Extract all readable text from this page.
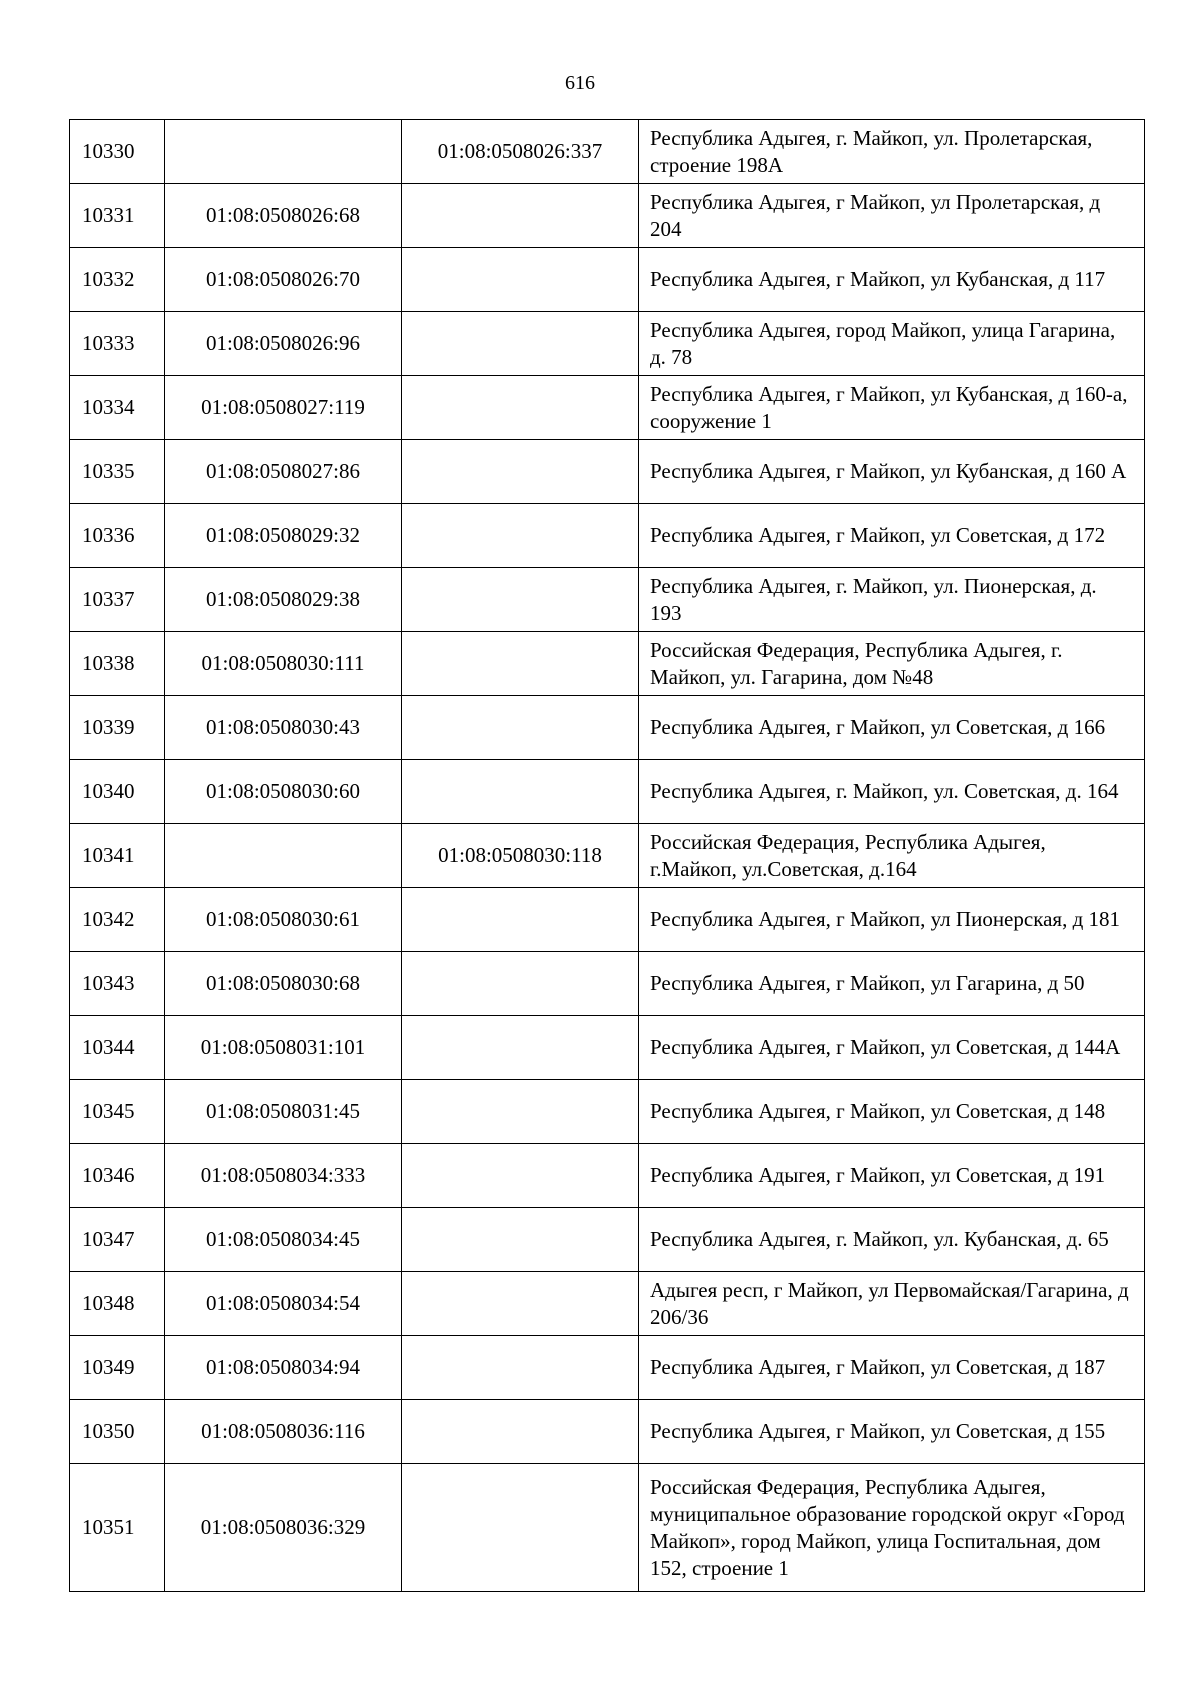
616
10330		01:08:0508026:337	Республика Адыгея, г. Майкоп, ул. Пролетарская, строение 198А
10331	01:08:0508026:68		Республика Адыгея, г Майкоп, ул Пролетарская, д 204
10332	01:08:0508026:70		Республика Адыгея, г Майкоп, ул Кубанская, д 117
10333	01:08:0508026:96		Республика Адыгея, город Майкоп, улица Гагарина, д. 78
10334	01:08:0508027:119		Республика Адыгея, г Майкоп, ул Кубанская, д 160-а, сооружение 1
10335	01:08:0508027:86		Республика Адыгея, г Майкоп, ул Кубанская, д 160 А
10336	01:08:0508029:32		Республика Адыгея, г Майкоп, ул Советская, д 172
10337	01:08:0508029:38		Республика Адыгея, г. Майкоп, ул. Пионерская, д. 193
10338	01:08:0508030:111		Российская Федерация, Республика Адыгея, г. Майкоп, ул. Гагарина, дом №48
10339	01:08:0508030:43		Республика Адыгея, г Майкоп, ул Советская, д 166
10340	01:08:0508030:60		Республика Адыгея, г. Майкоп, ул. Советская, д. 164
10341		01:08:0508030:118	Российская Федерация, Республика Адыгея, г.Майкоп, ул.Советская, д.164
10342	01:08:0508030:61		Республика Адыгея, г Майкоп, ул Пионерская, д 181
10343	01:08:0508030:68		Республика Адыгея, г Майкоп, ул Гагарина, д 50
10344	01:08:0508031:101		Республика Адыгея, г Майкоп, ул Советская, д 144А
10345	01:08:0508031:45		Республика Адыгея, г Майкоп, ул Советская, д 148
10346	01:08:0508034:333		Республика Адыгея, г Майкоп, ул Советская, д 191
10347	01:08:0508034:45		Республика Адыгея, г. Майкоп, ул. Кубанская, д. 65
10348	01:08:0508034:54		Адыгея респ, г Майкоп, ул Первомайская/Гагарина, д 206/36
10349	01:08:0508034:94		Республика Адыгея, г Майкоп, ул Советская, д 187
10350	01:08:0508036:116		Республика Адыгея, г Майкоп, ул Советская, д 155
10351	01:08:0508036:329		Российская Федерация, Республика Адыгея, муниципальное образование городской округ «Город Майкоп», город Майкоп, улица Госпитальная, дом 152, строение 1
